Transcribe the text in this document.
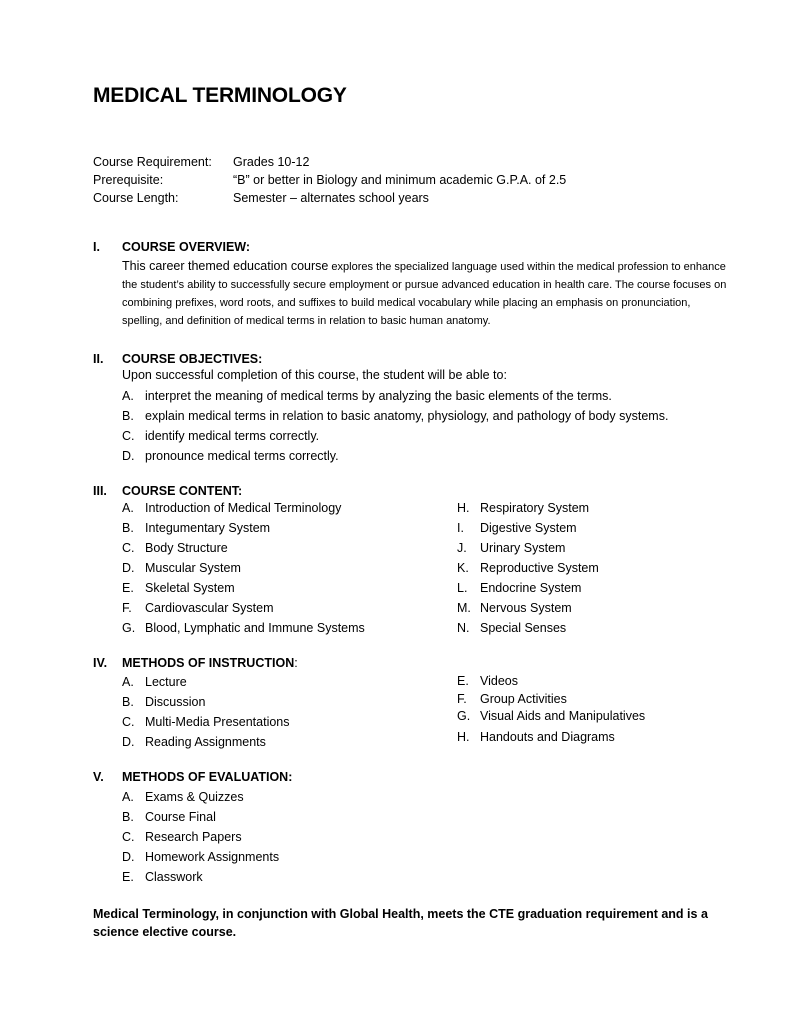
MEDICAL TERMINOLOGY
Course Requirement: Grades 10-12
Prerequisite:	“B” or better in Biology and minimum academic G.P.A. of 2.5
Course Length:	Semester – alternates school years
I. COURSE OVERVIEW:
This career themed education course explores the specialized language used within the medical profession to enhance the student’s ability to successfully secure employment or pursue advanced education in health care. The course focuses on combining prefixes, word roots, and suffixes to build medical vocabulary while placing an emphasis on pronunciation, spelling, and definition of medical terms in relation to basic human anatomy.
II. COURSE OBJECTIVES:
Upon successful completion of this course, the student will be able to:
A. interpret the meaning of medical terms by analyzing the basic elements of the terms.
B. explain medical terms in relation to basic anatomy, physiology, and pathology of body systems.
C. identify medical terms correctly.
D. pronounce medical terms correctly.
III. COURSE CONTENT:
A. Introduction of Medical Terminology
B. Integumentary System
C. Body Structure
D. Muscular System
E. Skeletal System
F. Cardiovascular System
G. Blood, Lymphatic and Immune Systems
H. Respiratory System
I. Digestive System
J. Urinary System
K. Reproductive System
L. Endocrine System
M. Nervous System
N. Special Senses
IV. METHODS OF INSTRUCTION:
A. Lecture
B. Discussion
C. Multi-Media Presentations
D. Reading Assignments
E. Videos
F. Group Activities
G. Visual Aids and Manipulatives
H. Handouts and Diagrams
V. METHODS OF EVALUATION:
A. Exams & Quizzes
B. Course Final
C. Research Papers
D. Homework Assignments
E. Classwork
Medical Terminology, in conjunction with Global Health, meets the CTE graduation requirement and is a science elective course.
